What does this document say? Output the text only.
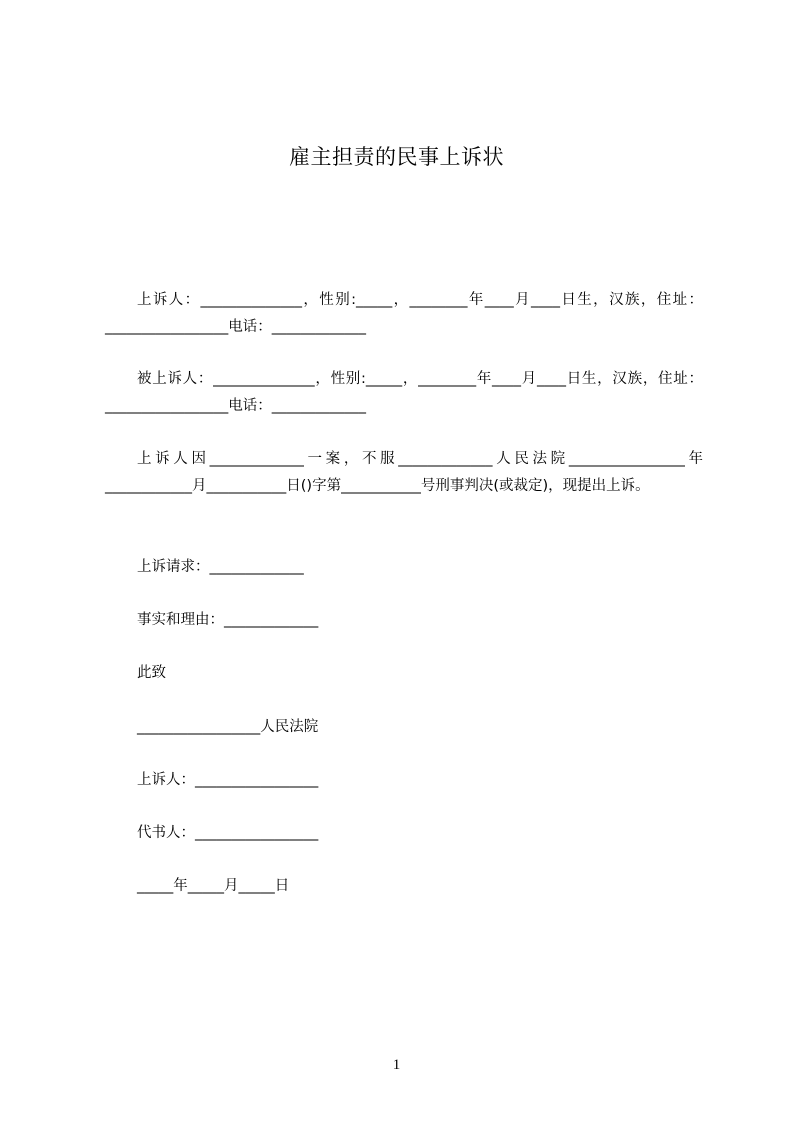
雇主担责的民事上诉状

上诉人：______________，性别:_____，________年____月____日生，汉族，住址：_________________电话：_____________

被上诉人：______________，性别:_____，________年____月____日生，汉族，住址：_________________电话：_____________

上诉人因_____________一案，不服_____________人民法院________________年____________月___________日()字第___________号刑事判决(或裁定)，现提出上诉。

上诉请求：_____________
事实和理由：_____________
此致
_________________人民法院
上诉人：_________________
代书人：_________________
_____年_____月_____日
1
